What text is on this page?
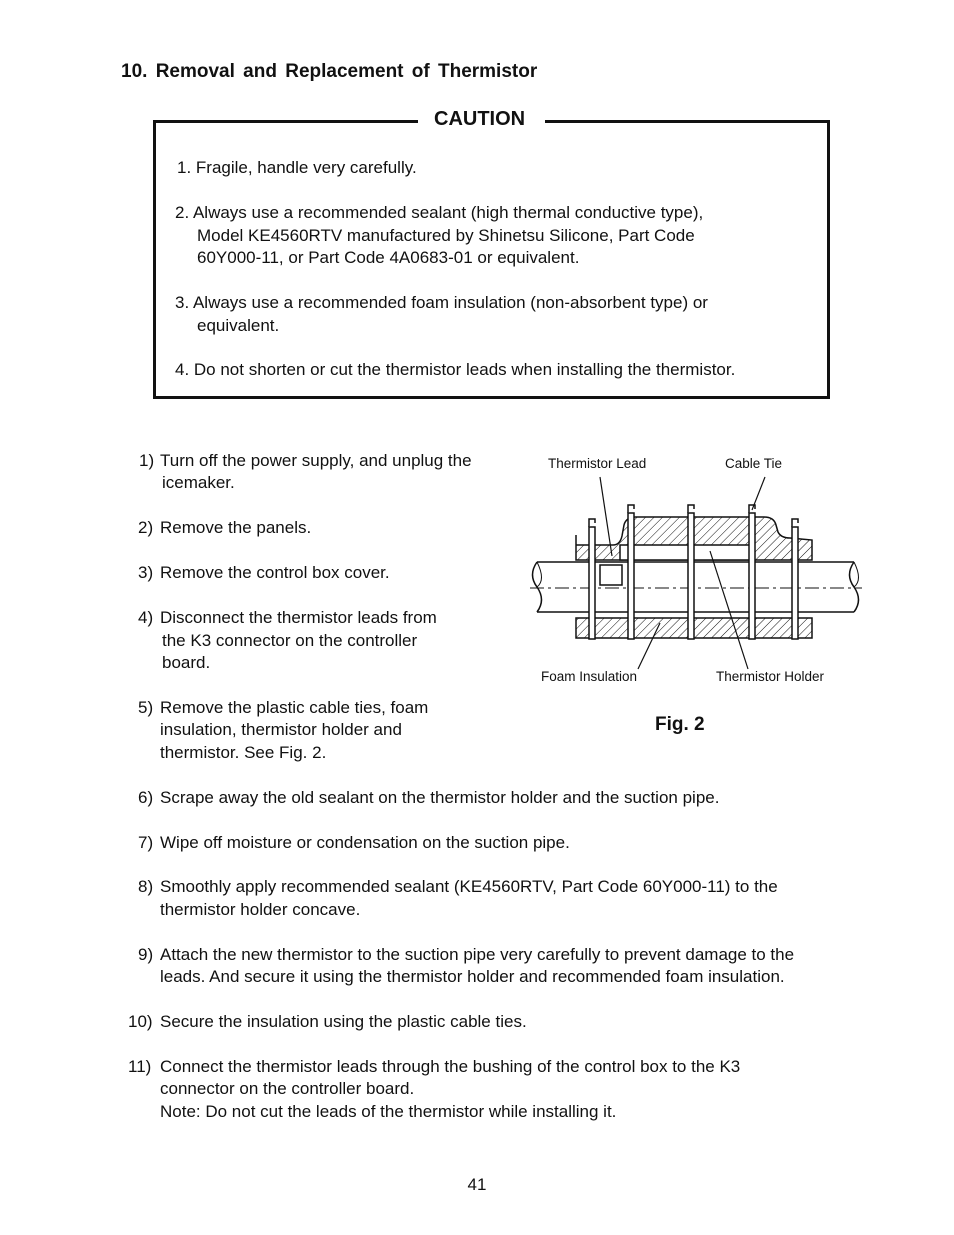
10. Removal and Replacement of Thermistor
CAUTION
1. Fragile, handle very carefully.
2. Always use a recommended sealant (high thermal conductive type),
Model KE4560RTV manufactured by Shinetsu Silicone, Part Code
60Y000-11, or Part Code 4A0683-01 or equivalent.
3. Always use a recommended foam insulation (non-absorbent type) or
equivalent.
4. Do not shorten or cut the thermistor leads when installing the thermistor.
1) Turn off the power supply, and unplug the
icemaker.
2) Remove the panels.
3) Remove the control box cover.
4) Disconnect the thermistor leads from
the K3 connector on the controller
board.
5) Remove the plastic cable ties, foam
insulation, thermistor holder and
thermistor. See Fig. 2.
6) Scrape away the old sealant on the thermistor holder and the suction pipe.
7) Wipe off moisture or condensation on the suction pipe.
8) Smoothly apply recommended sealant (KE4560RTV, Part Code 60Y000-11) to the
thermistor holder concave.
9) Attach the new thermistor to the suction pipe very carefully to prevent damage to the
leads. And secure it using the thermistor holder and recommended foam insulation.
10) Secure the insulation using the plastic cable ties.
11) Connect the thermistor leads through the bushing of the control box to the K3
connector on the controller board.
Note: Do not cut the leads of the thermistor while installing it.
Thermistor Lead	Cable Tie
Foam Insulation	Thermistor Holder
Fig. 2
41
